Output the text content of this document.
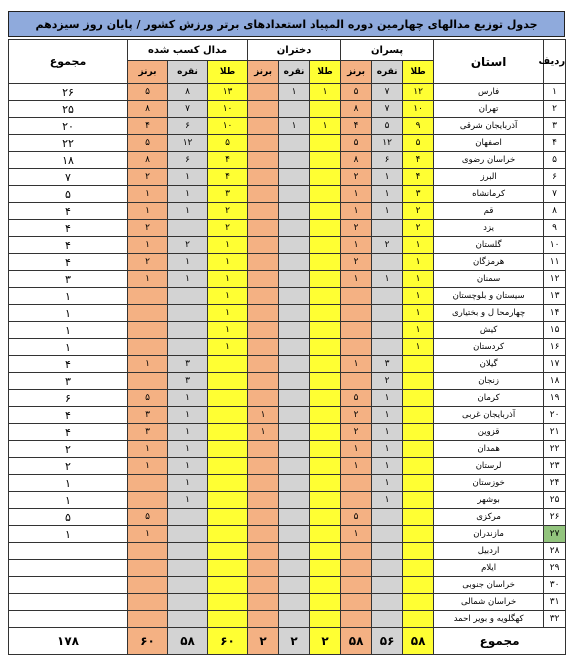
جدول توزیع مدالهای چهارمین دوره المپیاد استعدادهای برتر ورزش کشور / پایان روز سیزدهم
ردیف	استان	پسران			دختران			مدال کسب شده			مجموع
		طلا	نقره	برنز	طلا	نقره	برنز	طلا	نقره	برنز	
۱	فارس	۱۲	۷	۵	۱	۱		۱۳	۸	۵	۲۶
۲	تهران	۱۰	۷	۸				۱۰	۷	۸	۲۵
۳	آذربایجان شرقی	۹	۵	۴	۱	۱		۱۰	۶	۴	۲۰
۴	اصفهان	۵	۱۲	۵				۵	۱۲	۵	۲۲
۵	خراسان رضوی	۴	۶	۸				۴	۶	۸	۱۸
۶	البرز	۴	۱	۲				۴	۱	۲	۷
۷	کرمانشاه	۳	۱	۱				۳	۱	۱	۵
۸	قم	۲	۱	۱				۲	۱	۱	۴
۹	یزد	۲		۲				۲		۲	۴
۱۰	گلستان	۱	۲	۱				۱	۲	۱	۴
۱۱	هرمزگان	۱		۲				۱	۱	۲	۴
۱۲	سمنان	۱	۱	۱				۱	۱	۱	۳
۱۳	سیستان و بلوچستان	۱						۱			۱
۱۴	چهارمحا ل و بختیاری	۱						۱			۱
۱۵	کیش	۱						۱			۱
۱۶	کردستان	۱						۱			۱
۱۷	گیلان		۳	۱					۳	۱	۴
۱۸	زنجان		۲						۳		۳
۱۹	کرمان		۱	۵					۱	۵	۶
۲۰	آذربایجان غربی		۱	۲			۱		۱	۳	۴
۲۱	قزوین		۱	۲			۱		۱	۳	۴
۲۲	همدان		۱	۱					۱	۱	۲
۲۳	لرستان		۱	۱					۱	۱	۲
۲۴	خوزستان		۱						۱		۱
۲۵	بوشهر		۱						۱		۱
۲۶	مرکزی			۵						۵	۵
۲۷	مازندران			۱						۱	۱
۲۸	اردبیل										
۲۹	ایلام										
۳۰	خراسان جنوبی										
۳۱	خراسان شمالی										
۳۲	کهگلویه و بویر احمد										
مجموع		۵۸	۵۶	۵۸	۲	۲	۲	۶۰	۵۸	۶۰	۱۷۸
